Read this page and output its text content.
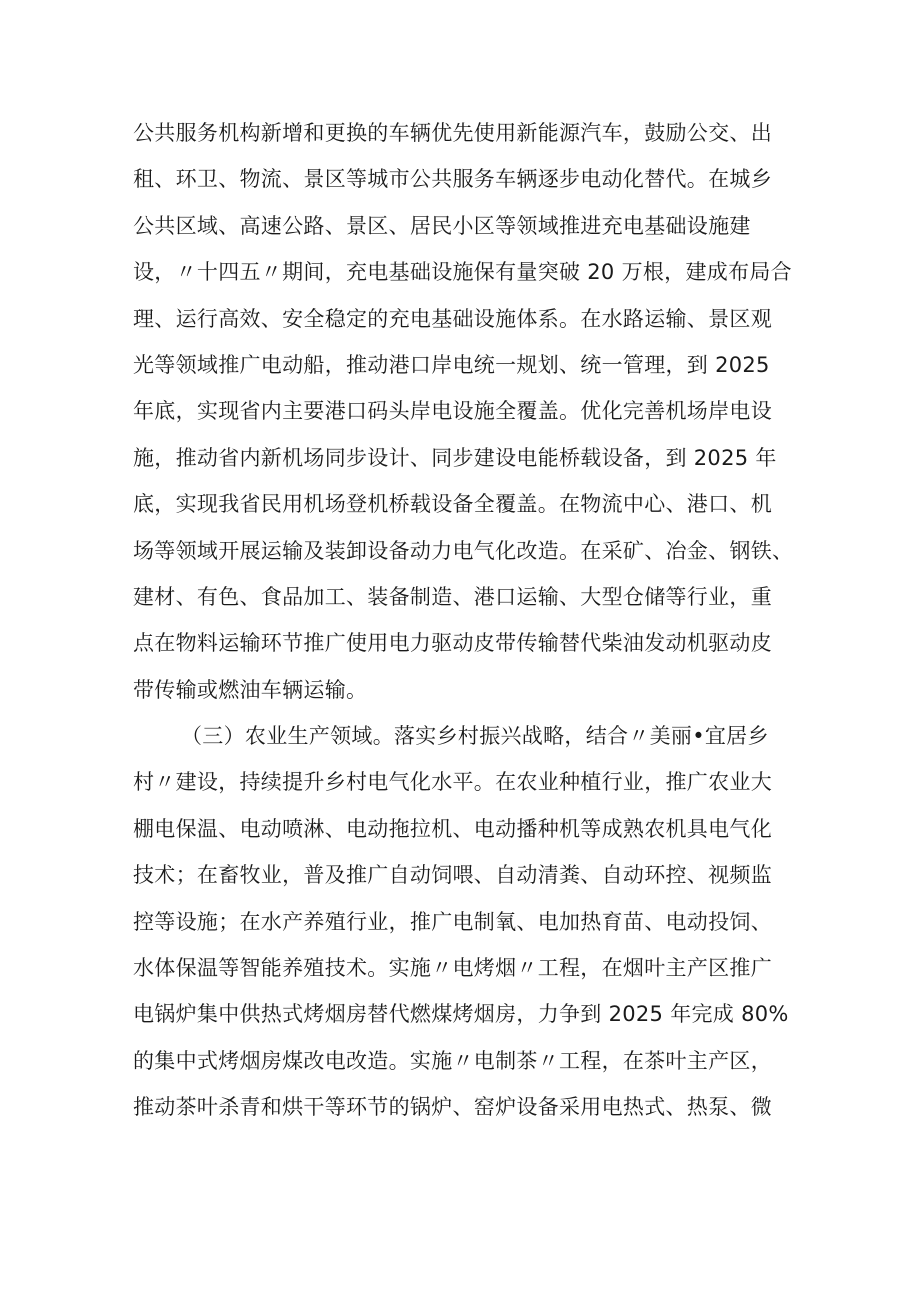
公共服务机构新增和更换的车辆优先使用新能源汽车，鼓励公交、出
租、环卫、物流、景区等城市公共服务车辆逐步电动化替代。在城乡
公共区域、高速公路、景区、居民小区等领域推进充电基础设施建
设，〃十四五〃期间，充电基础设施保有量突破 20 万根，建成布局合
理、运行高效、安全稳定的充电基础设施体系。在水路运输、景区观
光等领域推广电动船，推动港口岸电统一规划、统一管理，到 2025
年底，实现省内主要港口码头岸电设施全覆盖。优化完善机场岸电设
施，推动省内新机场同步设计、同步建设电能桥载设备，到 2025 年
底，实现我省民用机场登机桥载设备全覆盖。在物流中心、港口、机
场等领域开展运输及装卸设备动力电气化改造。在采矿、冶金、钢铁、
建材、有色、食品加工、装备制造、港口运输、大型仓储等行业，重
点在物料运输环节推广使用电力驱动皮带传输替代柴油发动机驱动皮
带传输或燃油车辆运输。
（三）农业生产领域。落实乡村振兴战略，结合〃美丽•宜居乡
村〃建设，持续提升乡村电气化水平。在农业种植行业，推广农业大
棚电保温、电动喷淋、电动拖拉机、电动播种机等成熟农机具电气化
技术；在畜牧业，普及推广自动饲喂、自动清粪、自动环控、视频监
控等设施；在水产养殖行业，推广电制氧、电加热育苗、电动投饲、
水体保温等智能养殖技术。实施〃电烤烟〃工程，在烟叶主产区推广
电锅炉集中供热式烤烟房替代燃煤烤烟房，力争到 2025 年完成 80%
的集中式烤烟房煤改电改造。实施〃电制茶〃工程，在茶叶主产区，
推动茶叶杀青和烘干等环节的锅炉、窑炉设备采用电热式、热泵、微
